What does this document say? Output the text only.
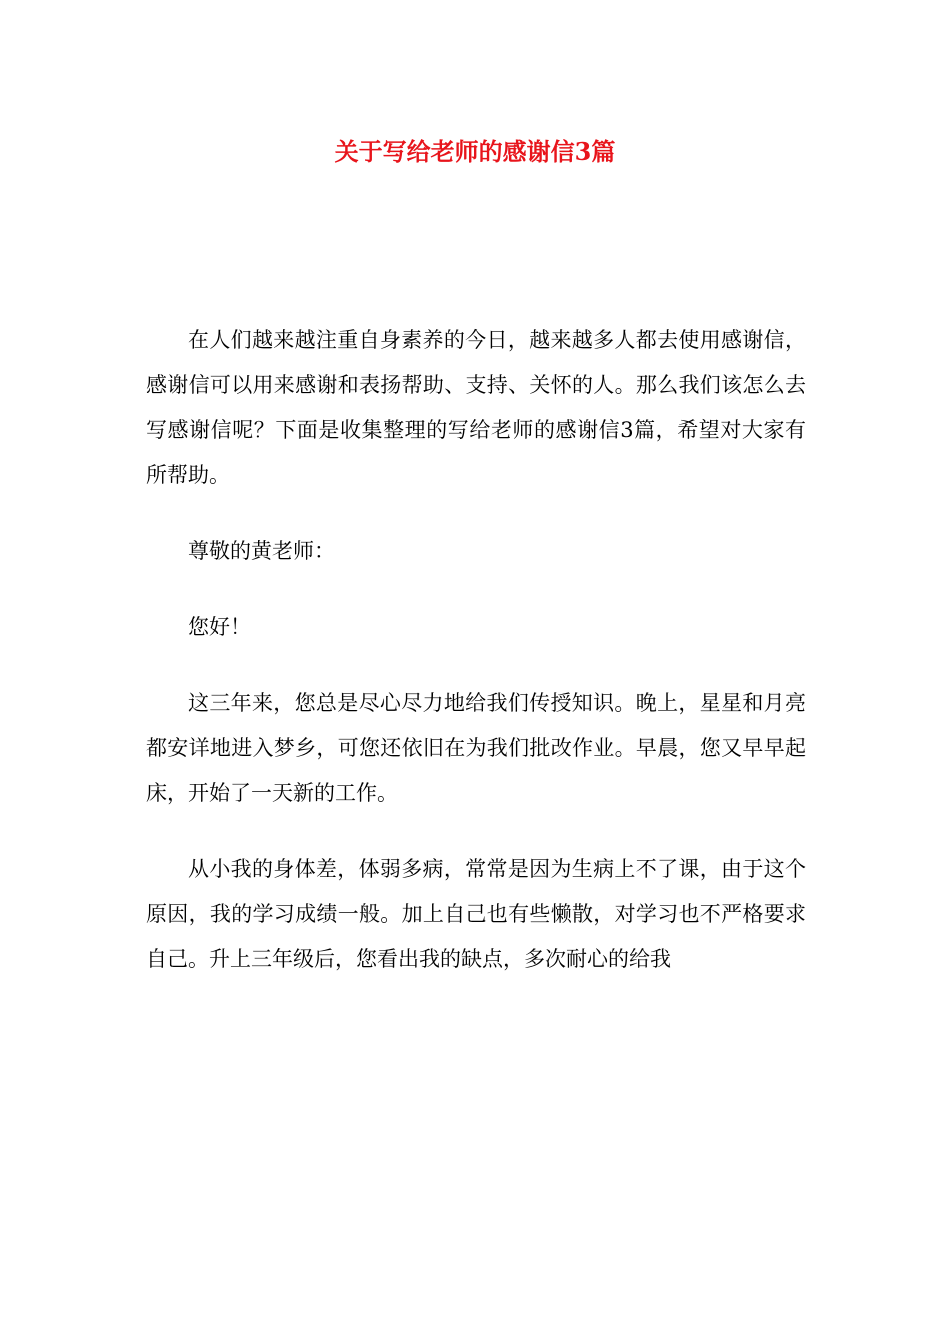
关于写给老师的感谢信3篇

在人们越来越注重自身素养的今日，越来越多人都去使用感谢信，感谢信可以用来感谢和表扬帮助、支持、关怀的人。那么我们该怎么去写感谢信呢？下面是收集整理的写给老师的感谢信3篇，希望对大家有所帮助。

尊敬的黄老师：

您好！

这三年来，您总是尽心尽力地给我们传授知识。晚上，星星和月亮都安详地进入梦乡，可您还依旧在为我们批改作业。早晨，您又早早起床，开始了一天新的工作。

从小我的身体差，体弱多病，常常是因为生病上不了课，由于这个原因，我的学习成绩一般。加上自己也有些懒散，对学习也不严格要求自己。升上三年级后，您看出我的缺点，多次耐心的给我
